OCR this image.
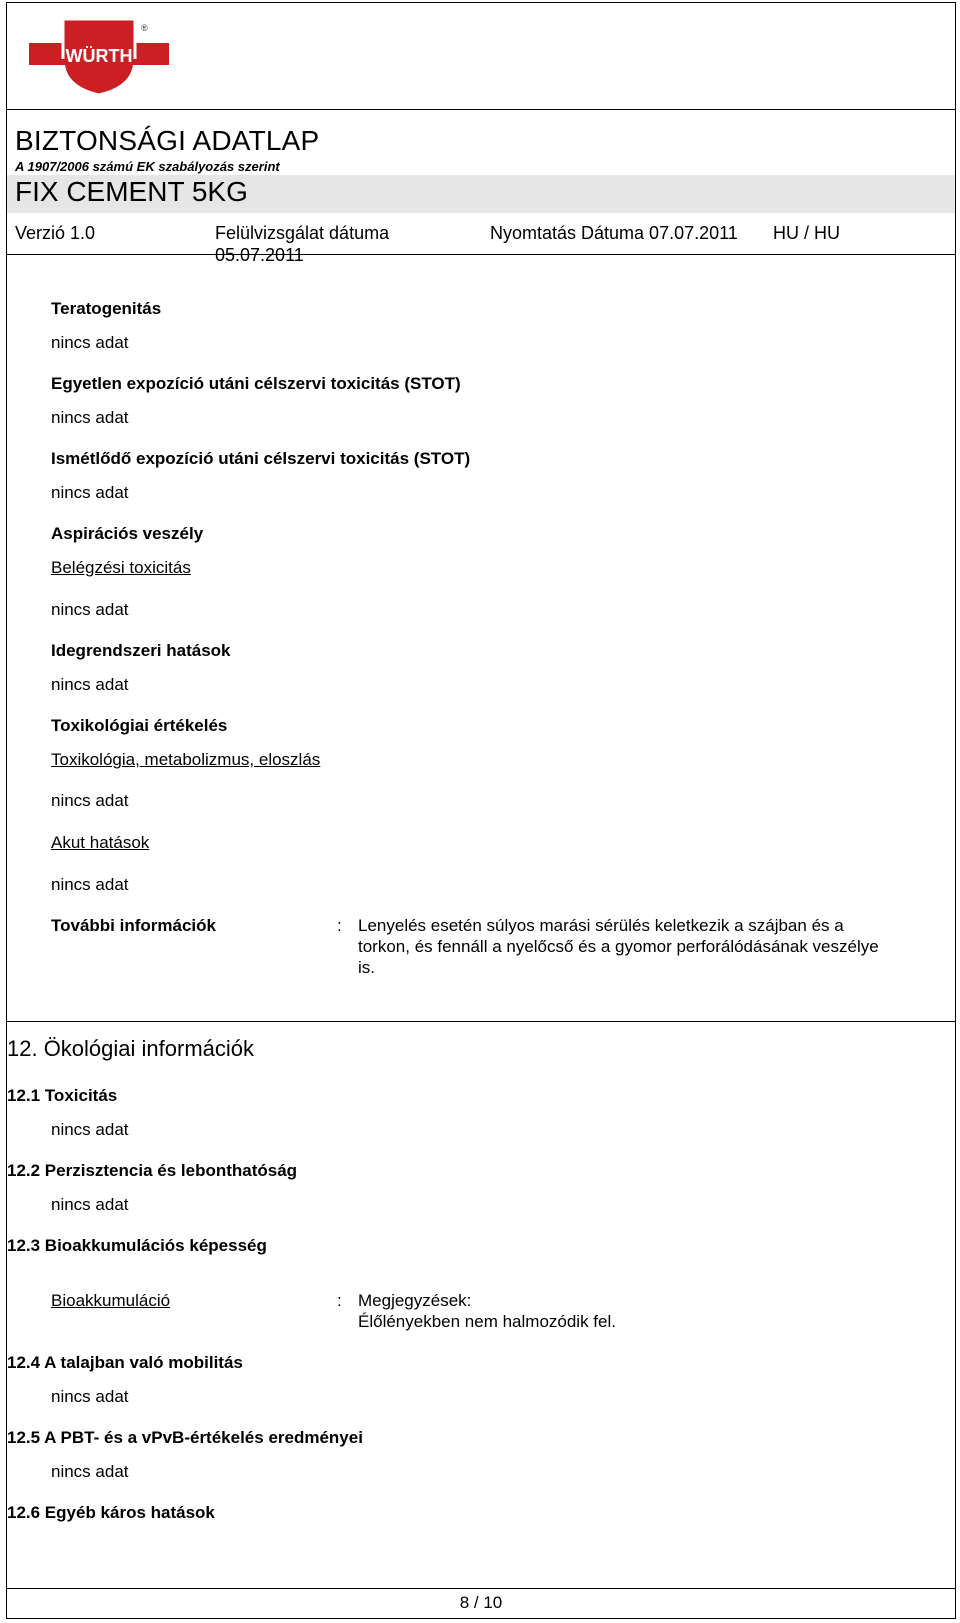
WÜRTH
®
BIZTONSÁGI ADATLAP
A 1907/2006 számú EK szabályozás szerint
FIX CEMENT 5KG
Verzió 1.0	Felülvizsgálat dátuma
05.07.2011
Nyomtatás Dátuma 07.07.2011 HU / HU
Teratogenitás
nincs adat
Egyetlen expozíció utáni célszervi toxicitás (STOT)
nincs adat
Ismétlődő expozíció utáni célszervi toxicitás (STOT)
nincs adat
Aspirációs veszély
Belégzési toxicitás
nincs adat
Idegrendszeri hatások
nincs adat
Toxikológiai értékelés
Toxikológia, metabolizmus, eloszlás
nincs adat
Akut hatások
nincs adat
További információk	: Lenyelés esetén súlyos marási sérülés keletkezik a szájban és a
torkon, és fennáll a nyelőcső és a gyomor perforálódásának veszélye
is.
12. Ökológiai információk
12.1 Toxicitás
nincs adat
12.2 Perzisztencia és lebonthatóság
nincs adat
12.3 Bioakkumulációs képesség
Bioakkumuláció	: Megjegyzések:
Élőlényekben nem halmozódik fel.
12.4 A talajban való mobilitás
nincs adat
12.5 A PBT- és a vPvB-értékelés eredményei
nincs adat
12.6 Egyéb káros hatások
8 / 10
